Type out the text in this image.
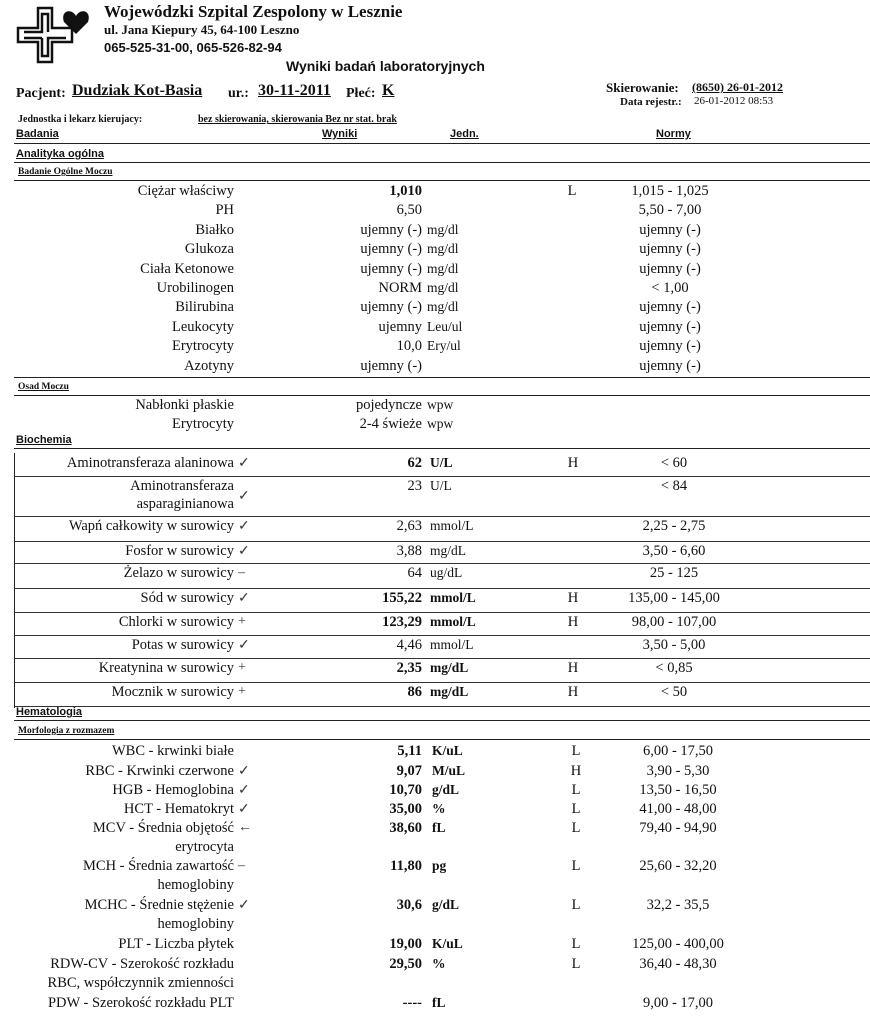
Wojewódzki Szpital Zespolony w Lesznie
ul. Jana Kiepury 45, 64-100 Leszno
065-525-31-00, 065-526-82-94
Wyniki badań laboratoryjnych
Pacjent: Dudziak Kot-Basia ur.: 30-11-2011 Płeć: K	Skierowanie: (8650) 26-01-2012
Data rejestr.: 26-01-2012 08:53
Jednostka i lekarz kierujacy:	bez skierowania, skierowania Bez nr stat. brak
Badania	Wyniki	Jedn.	Normy
Analityka ogólna
Badanie Ogólne Moczu
Ciężar właściwy	1,010	L	1,015 - 1,025
PH	6,50	5,50 - 7,00
Białko	ujemny (-) mg/dl	ujemny (-)
Glukoza	ujemny (-) mg/dl	ujemny (-)
Ciała Ketonowe	ujemny (-) mg/dl	ujemny (-)
Urobilinogen	NORM mg/dl	< 1,00
Bilirubina	ujemny (-) mg/dl	ujemny (-)
Leukocyty	ujemny Leu/ul	ujemny (-)
Erytrocyty	10,0 Ery/ul	ujemny (-)
Azotyny	ujemny (-)	ujemny (-)
Osad Moczu
Nabłonki płaskie	pojedyncze wpw
Erytrocyty	2-4 świeże wpw
Biochemia
Aminotransferaza alaninowa ✓	62 U/L	H	< 60
Aminotransferaza
asparaginianowa ✓
23 U/L	< 84
Wapń całkowity w surowicy ✓	2,63 mmol/L	2,25 - 2,75
Fosfor w surowicy ✓	3,88 mg/dL	3,50 - 6,60
Żelazo w surowicy –	64 ug/dL	25 - 125
Sód w surowicy ✓	155,22 mmol/L	H	135,00 - 145,00
Chlorki w surowicy +	123,29 mmol/L	H	98,00 - 107,00
Potas w surowicy ✓	4,46 mmol/L	3,50 - 5,00
Kreatynina w surowicy +	2,35 mg/dL	H	< 0,85
Mocznik w surowicy +	86 mg/dL	H	< 50
Hematologia
Morfologia z rozmazem
WBC - krwinki białe	5,11 K/uL	L	6,00 - 17,50
RBC - Krwinki czerwone ✓	9,07 M/uL	H	3,90 - 5,30
HGB - Hemoglobina ✓	10,70 g/dL	L	13,50 - 16,50
HCT - Hematokryt ✓	35,00 %	L	41,00 - 48,00
MCV - Średnia objętość
erytrocyta
←	38,60 fL	L	79,40 - 94,90
MCH - Średnia zawartość
hemoglobiny
–	11,80 pg	L	25,60 - 32,20
MCHC - Średnie stężenie
hemoglobiny
✓	30,6 g/dL	L	32,2 - 35,5
PLT - Liczba płytek	19,00 K/uL	L	125,00 - 400,00
RDW-CV - Szerokość rozkładu
RBC, współczynnik zmienności
29,50 %	L	36,40 - 48,30
PDW - Szerokość rozkładu PLT	---- fL	9,00 - 17,00
